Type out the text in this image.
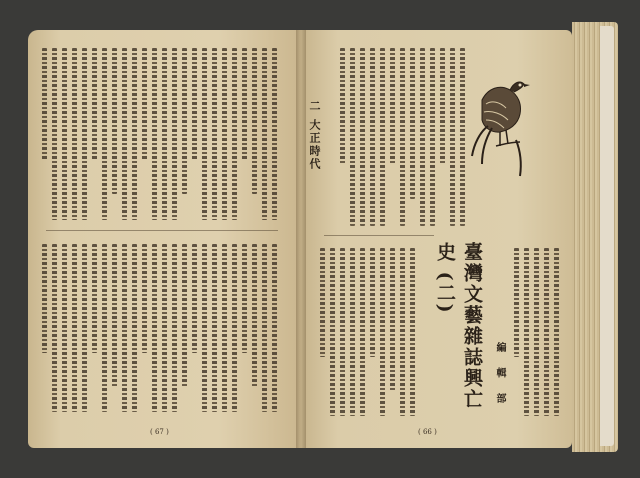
( 67 )
二 大正時代
臺灣文藝雜誌興亡史 (二)
編 輯 部
( 66 )
